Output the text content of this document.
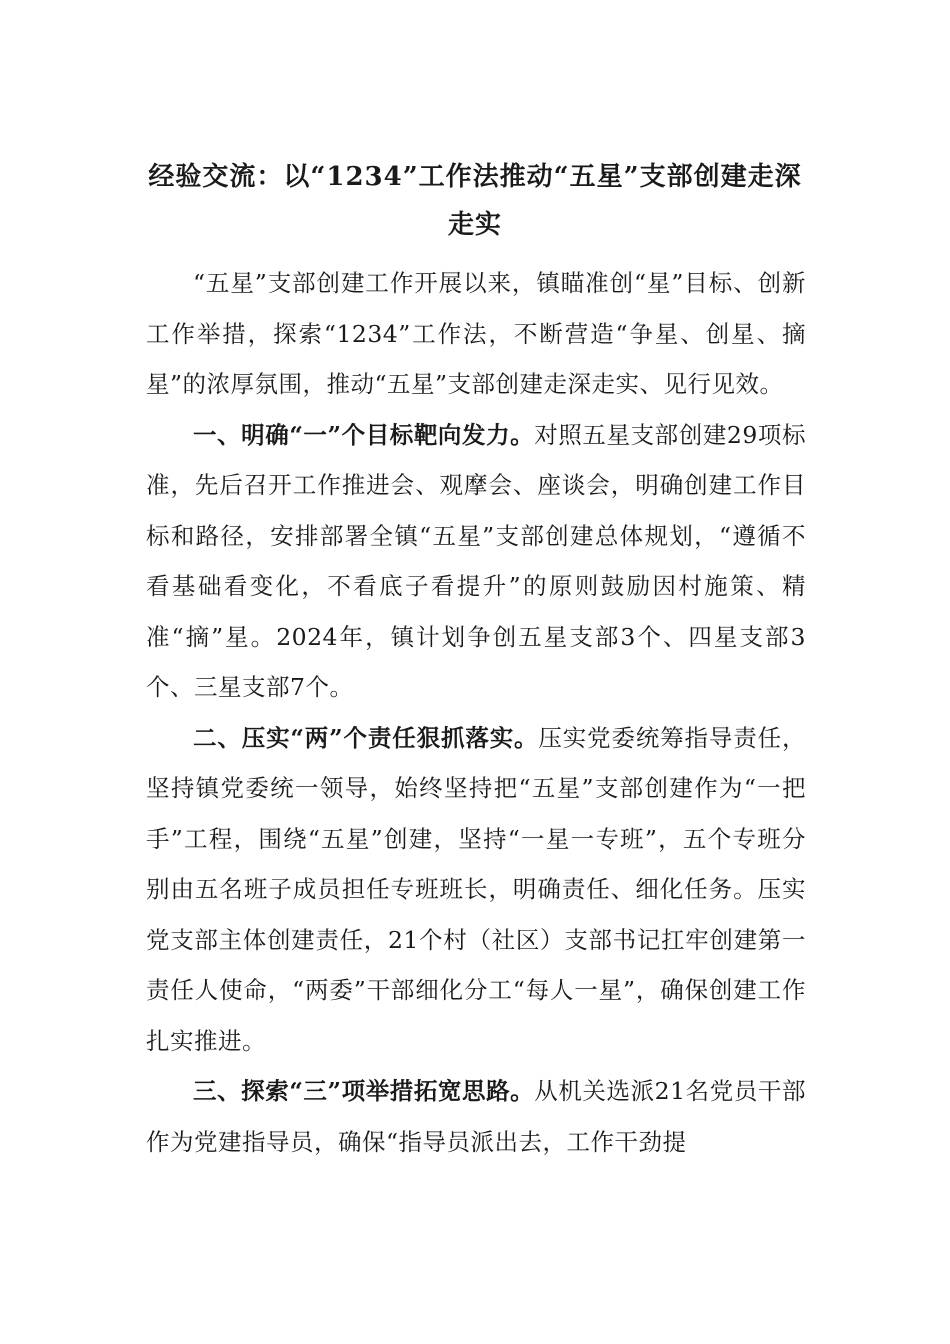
经验交流：以“1234”工作法推动“五星”支部创建走深
走实

“五星”支部创建工作开展以来，镇瞄准创“星”目标、创新工作举措，探索“1234”工作法，不断营造“争星、创星、摘星”的浓厚氛围，推动“五星”支部创建走深走实、见行见效。

一、明确“一”个目标靶向发力。对照五星支部创建29项标准，先后召开工作推进会、观摩会、座谈会，明确创建工作目标和路径，安排部署全镇“五星”支部创建总体规划，“遵循不看基础看变化，不看底子看提升”的原则鼓励因村施策、精准“摘”星。2024年，镇计划争创五星支部3个、四星支部3个、三星支部7个。

二、压实“两”个责任狠抓落实。压实党委统筹指导责任，坚持镇党委统一领导，始终坚持把“五星”支部创建作为“一把手”工程，围绕“五星”创建，坚持“一星一专班”，五个专班分别由五名班子成员担任专班班长，明确责任、细化任务。压实党支部主体创建责任，21个村（社区）支部书记扛牢创建第一责任人使命，“两委”干部细化分工“每人一星”，确保创建工作扎实推进。

三、探索“三”项举措拓宽思路。从机关选派21名党员干部作为党建指导员，确保“指导员派出去，工作干劲提
